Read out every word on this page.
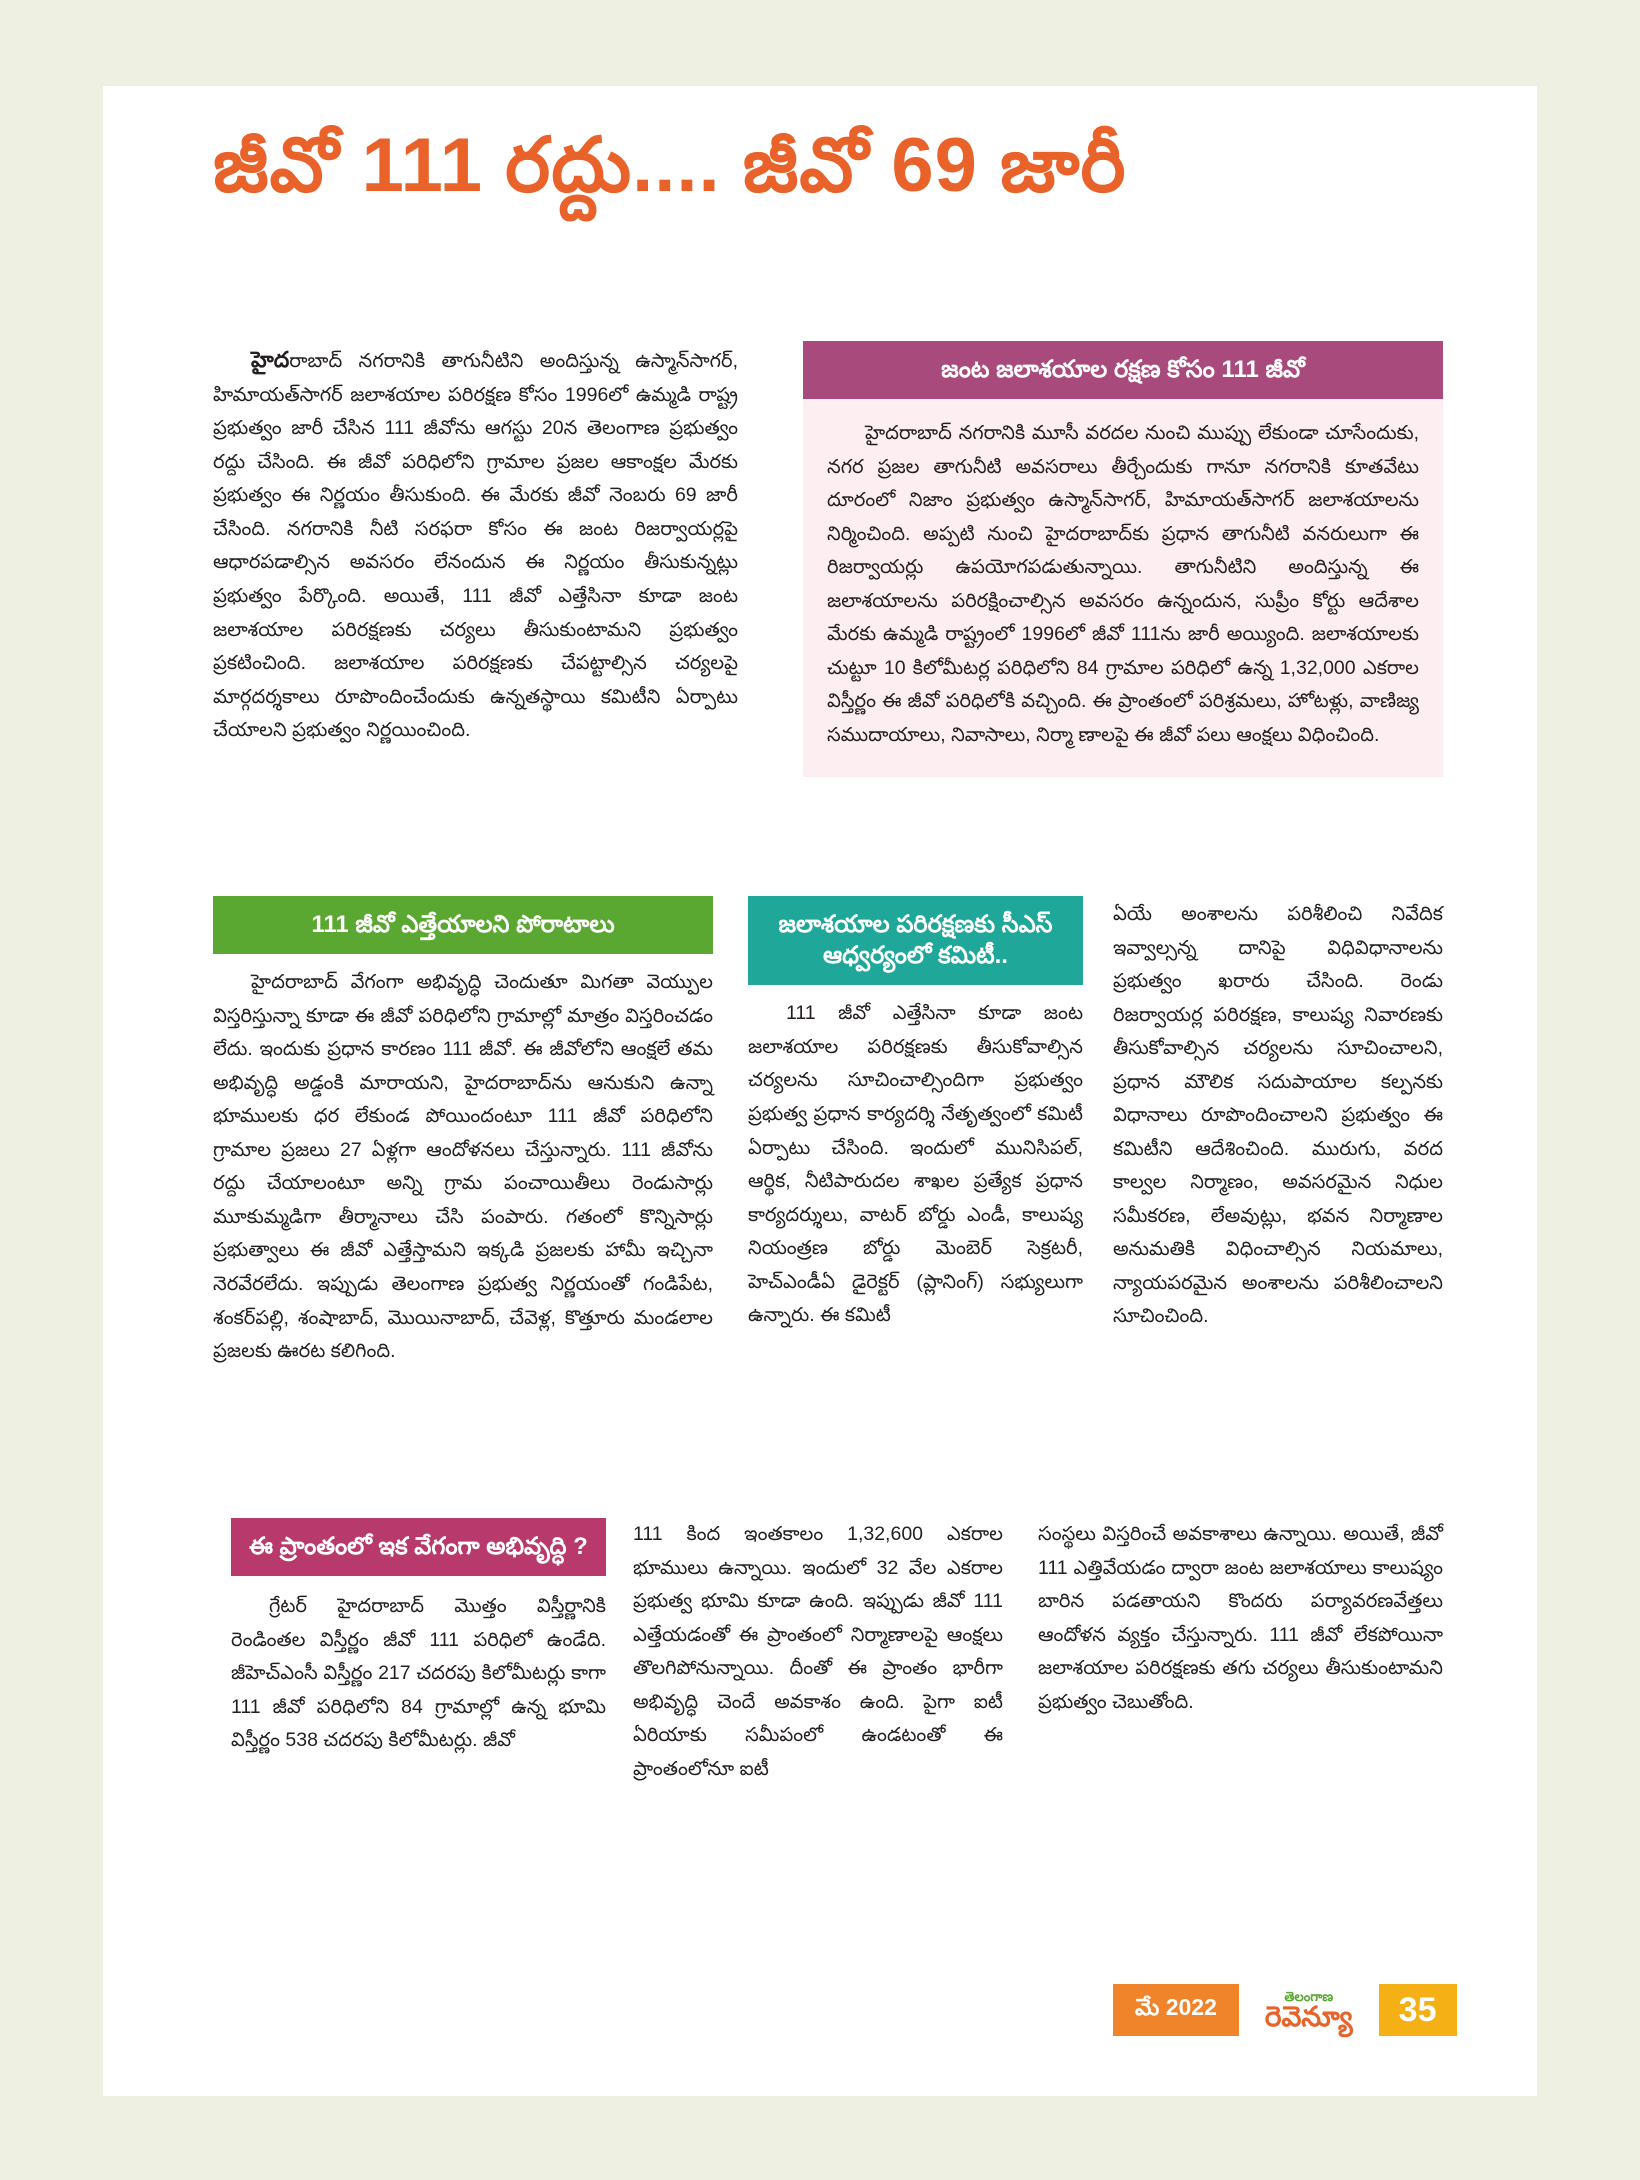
జీవో 111 రద్దు.... జీవో 69 జారీ

హైదరాబాద్ నగరానికి తాగునీటిని అందిస్తున్న ఉస్మాన్‌సాగర్, హిమాయత్‌సాగర్ జలాశయాల పరిరక్షణ కోసం 1996లో ఉమ్మడి రాష్ట్ర ప్రభుత్వం జారీ చేసిన 111 జీవోను ఆగస్టు 20న తెలంగాణ ప్రభుత్వం రద్దు చేసింది. ఈ జీవో పరిధిలోని గ్రామాల ప్రజల ఆకాంక్షల మేరకు ప్రభుత్వం ఈ నిర్ణయం తీసుకుంది. ఈ మేరకు జీవో నెంబరు 69 జారీ చేసింది. నగరానికి నీటి సరఫరా కోసం ఈ జంట రిజర్వాయర్లపై ఆధారపడాల్సిన అవసరం లేనందున ఈ నిర్ణయం తీసుకున్నట్లు ప్రభుత్వం పేర్కొంది. అయితే, 111 జీవో ఎత్తేసినా కూడా జంట జలాశయాల పరిరక్షణకు చర్యలు తీసుకుంటామని ప్రభుత్వం ప్రకటించింది. జలాశయాల పరిరక్షణకు చేపట్టాల్సిన చర్యలపై మార్గదర్శకాలు రూపొందించేందుకు ఉన్నతస్థాయి కమిటీని ఏర్పాటు చేయాలని ప్రభుత్వం నిర్ణయించింది.

జంట జలాశయాల రక్షణ కోసం 111 జీవో

హైదరాబాద్ నగరానికి మూసీ వరదల నుంచి ముప్పు లేకుండా చూసేందుకు, నగర ప్రజల తాగునీటి అవసరాలు తీర్చేందుకు గానూ నగరానికి కూతవేటు దూరంలో నిజాం ప్రభుత్వం ఉస్మాన్‌సాగర్, హిమాయత్‌సాగర్ జలాశయాలను నిర్మించింది. అప్పటి నుంచి హైదరాబాద్‌కు ప్రధాన తాగునీటి వనరులుగా ఈ రిజర్వాయర్లు ఉపయోగపడుతున్నాయి. తాగునీటిని అందిస్తున్న ఈ జలాశయాలను పరిరక్షించాల్సిన అవసరం ఉన్నందున, సుప్రీం కోర్టు ఆదేశాల మేరకు ఉమ్మడి రాష్ట్రంలో 1996లో జీవో 111ను జారీ అయ్యింది. జలాశయాలకు చుట్టూ 10 కిలోమీటర్ల పరిధిలోని 84 గ్రామాల పరిధిలో ఉన్న 1,32,000 ఎకరాల విస్తీర్ణం ఈ జీవో పరిధిలోకి వచ్చింది. ఈ ప్రాంతంలో పరిశ్రమలు, హోటళ్లు, వాణిజ్య సముదాయాలు, నివాసాలు, నిర్మా ణాలపై ఈ జీవో పలు ఆంక్షలు విధించింది.

111 జీవో ఎత్తేయాలని పోరాటాలు

హైదరాబాద్ వేగంగా అభివృద్ధి చెందుతూ మిగతా వెయ్పుల విస్తరిస్తున్నా కూడా ఈ జీవో పరిధిలోని గ్రామాల్లో మాత్రం విస్తరించడం లేదు. ఇందుకు ప్రధాన కారణం 111 జీవో. ఈ జీవోలోని ఆంక్షలే తమ అభివృద్ధి అడ్డంకి మారాయని, హైదరాబాద్‌ను ఆనుకుని ఉన్నా భూములకు ధర లేకుండ పోయిందంటూ 111 జీవో పరిధిలోని గ్రామాల ప్రజలు 27 ఏళ్లగా ఆందోళనలు చేస్తున్నారు. 111 జీవోను రద్దు చేయాలంటూ అన్ని గ్రామ పంచాయితీలు రెండుసార్లు మూకుమ్మడిగా తీర్మానాలు చేసి పంపారు. గతంలో కొన్నిసార్లు ప్రభుత్వాలు ఈ జీవో ఎత్తేస్తామని ఇక్కడి ప్రజలకు హామీ ఇచ్చినా నెరవేరలేదు. ఇప్పుడు తెలంగాణ ప్రభుత్వ నిర్ణయంతో గండిపేట, శంకర్‌పల్లి, శంషాబాద్, మొయినాబాద్, చేవెళ్ల, కొత్తూరు మండలాల ప్రజలకు ఊరట కలిగింది.

జలాశయాల పరిరక్షణకు సీఎస్ ఆధ్వర్యంలో కమిటీ..

111 జీవో ఎత్తేసినా కూడా జంట జలాశయాల పరిరక్షణకు తీసుకోవాల్సిన చర్యలను సూచించాల్సిందిగా ప్రభుత్వం ప్రభుత్వ ప్రధాన కార్యదర్శి నేతృత్వంలో కమిటీ ఏర్పాటు చేసింది. ఇందులో మునిసిపల్, ఆర్థిక, నీటిపారుదల శాఖల ప్రత్యేక ప్రధాన కార్యదర్శులు, వాటర్ బోర్డు ఎండీ, కాలుష్య నియంత్రణ బోర్డు మెంబెర్ సెక్రటరీ, హెచ్‌ఎండీఏ డైరెక్టర్ (ప్లానింగ్) సభ్యులుగా ఉన్నారు. ఈ కమిటీ

ఏయే అంశాలను పరిశీలించి నివేదిక ఇవ్వాల్సన్న దానిపై విధివిధానాలను ప్రభుత్వం ఖరారు చేసింది. రెండు రిజర్వాయర్ల పరిరక్షణ, కాలుష్య నివారణకు తీసుకోవాల్సిన చర్యలను సూచించాలని, ప్రధాన మౌలిక సదుపాయాల కల్పనకు విధానాలు రూపొందించాలని ప్రభుత్వం ఈ కమిటీని ఆదేశించింది. మురుగు, వరద కాల్వల నిర్మాణం, అవసరమైన నిధుల సమీకరణ, లేఅవుట్లు, భవన నిర్మాణాల అనుమతికి విధించాల్సిన నియమాలు, న్యాయపరమైన అంశాలను పరిశీలించాలని సూచించింది.

ఈ ప్రాంతంలో ఇక వేగంగా అభివృద్ధి ?

గ్రేటర్ హైదరాబాద్ మొత్తం విస్తీర్ణానికి రెండింతల విస్తీర్ణం జీవో 111 పరిధిలో ఉండేది. జీహెచ్‌ఎంసీ విస్తీర్ణం 217 చదరపు కిలోమీటర్లు కాగా 111 జీవో పరిధిలోని 84 గ్రామాల్లో ఉన్న భూమి విస్తీర్ణం 538 చదరపు కిలోమీటర్లు. జీవో

111 కింద ఇంతకాలం 1,32,600 ఎకరాల భూములు ఉన్నాయి. ఇందులో 32 వేల ఎకరాల ప్రభుత్వ భూమి కూడా ఉంది. ఇప్పుడు జీవో 111 ఎత్తేయడంతో ఈ ప్రాంతంలో నిర్మాణాలపై ఆంక్షలు తొలగిపోనున్నాయి. దీంతో ఈ ప్రాంతం భారీగా అభివృద్ధి చెందే అవకాశం ఉంది. పైగా ఐటీ ఏరియాకు సమీపంలో ఉండటంతో ఈ ప్రాంతంలోనూ ఐటీ

సంస్థలు విస్తరించే అవకాశాలు ఉన్నాయి. అయితే, జీవో 111 ఎత్తివేయడం ద్వారా జంట జలాశయాలు కాలుష్యం బారిన పడతాయని కొందరు పర్యావరణవేత్తలు ఆందోళన వ్యక్తం చేస్తున్నారు. 111 జీవో లేకపోయినా జలాశయాల పరిరక్షణకు తగు చర్యలు తీసుకుంటామని ప్రభుత్వం చెబుతోంది.

మే 2022	తెలంగాణ
రెవెన్యూ	35
